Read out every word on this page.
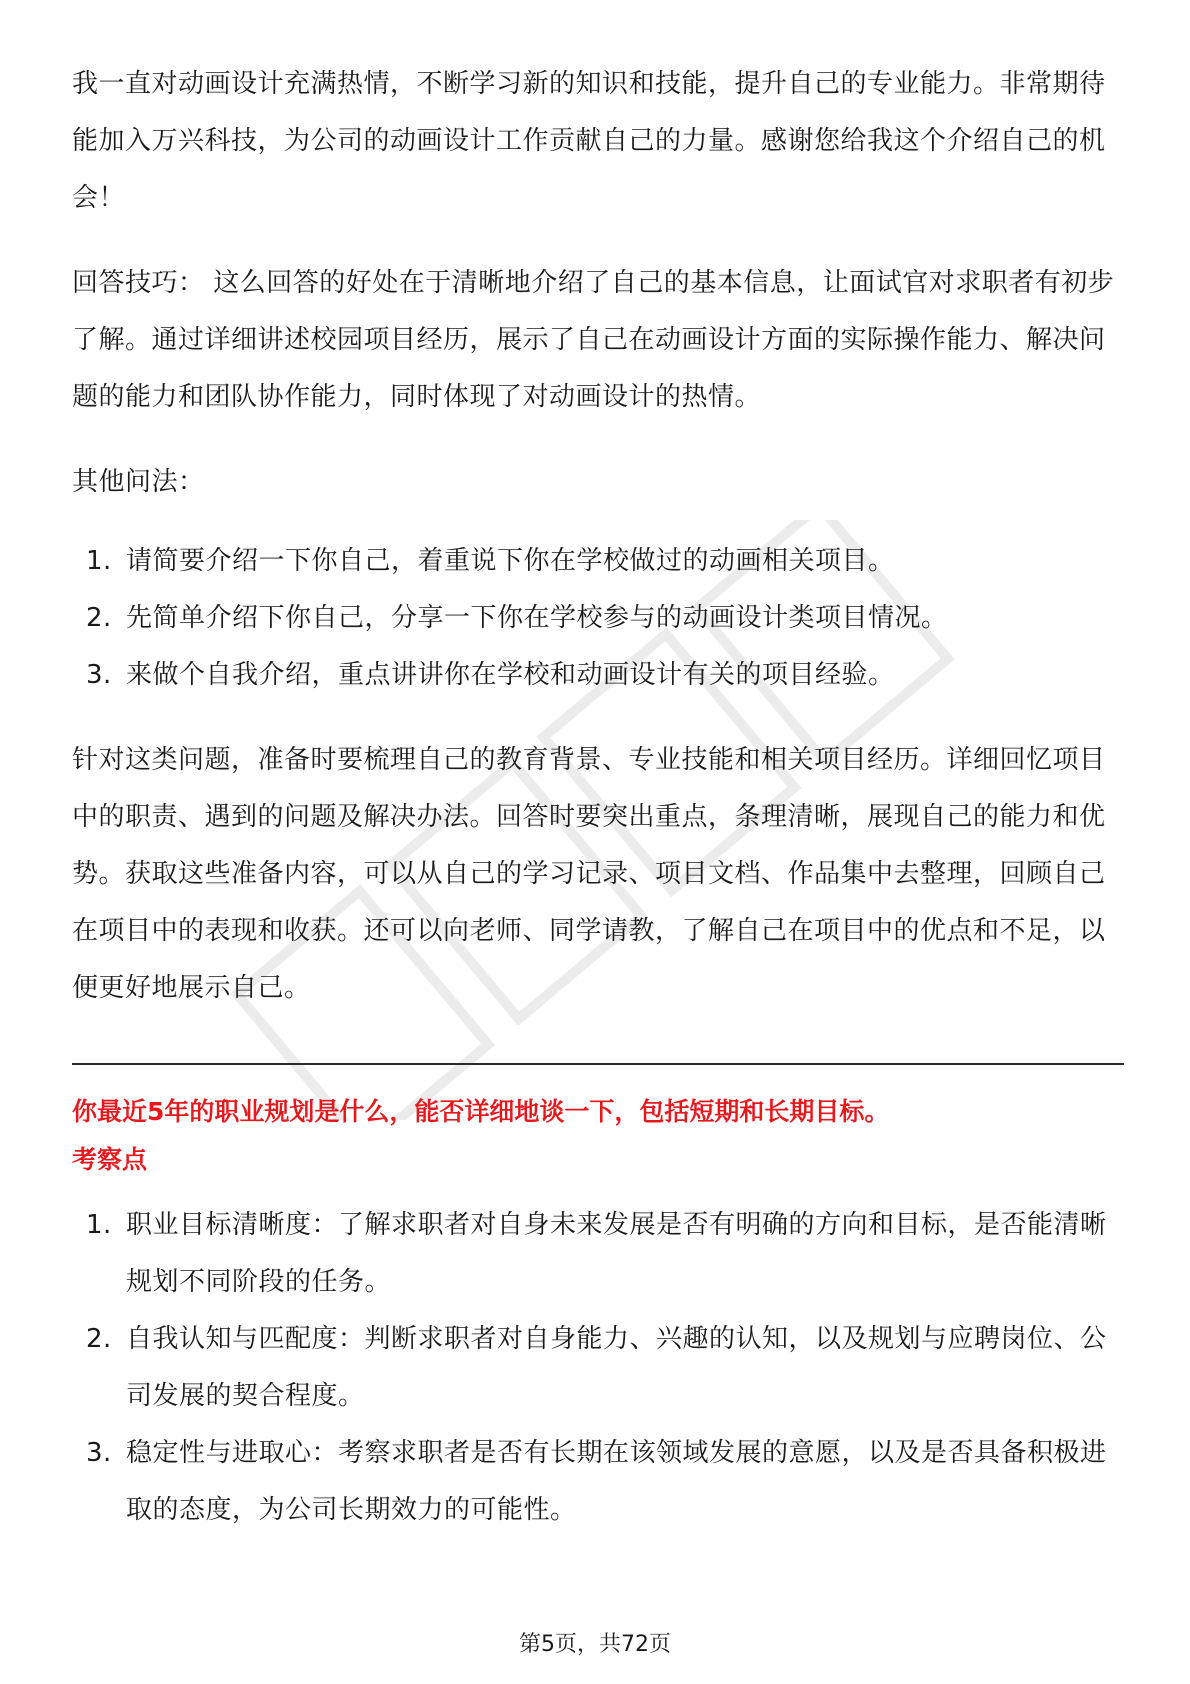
我一直对动画设计充满热情，不断学习新的知识和技能，提升自己的专业能力。非常期待能加入万兴科技，为公司的动画设计工作贡献自己的力量。感谢您给我这个介绍自己的机会！

回答技巧： 这么回答的好处在于清晰地介绍了自己的基本信息，让面试官对求职者有初步了解。通过详细讲述校园项目经历，展示了自己在动画设计方面的实际操作能力、解决问题的能力和团队协作能力，同时体现了对动画设计的热情。

其他问法：

1. 请简要介绍一下你自己，着重说下你在学校做过的动画相关项目。
2. 先简单介绍下你自己，分享一下你在学校参与的动画设计类项目情况。
3. 来做个自我介绍，重点讲讲你在学校和动画设计有关的项目经验。

针对这类问题，准备时要梳理自己的教育背景、专业技能和相关项目经历。详细回忆项目中的职责、遇到的问题及解决办法。回答时要突出重点，条理清晰，展现自己的能力和优势。获取这些准备内容，可以从自己的学习记录、项目文档、作品集中去整理，回顾自己在项目中的表现和收获。还可以向老师、同学请教，了解自己在项目中的优点和不足，以便更好地展示自己。

你最近5年的职业规划是什么，能否详细地谈一下，包括短期和长期目标。

考察点

1. 职业目标清晰度：了解求职者对自身未来发展是否有明确的方向和目标，是否能清晰规划不同阶段的任务。
2. 自我认知与匹配度：判断求职者对自身能力、兴趣的认知，以及规划与应聘岗位、公司发展的契合程度。
3. 稳定性与进取心：考察求职者是否有长期在该领域发展的意愿，以及是否具备积极进取的态度，为公司长期效力的可能性。
第5页，共72页
